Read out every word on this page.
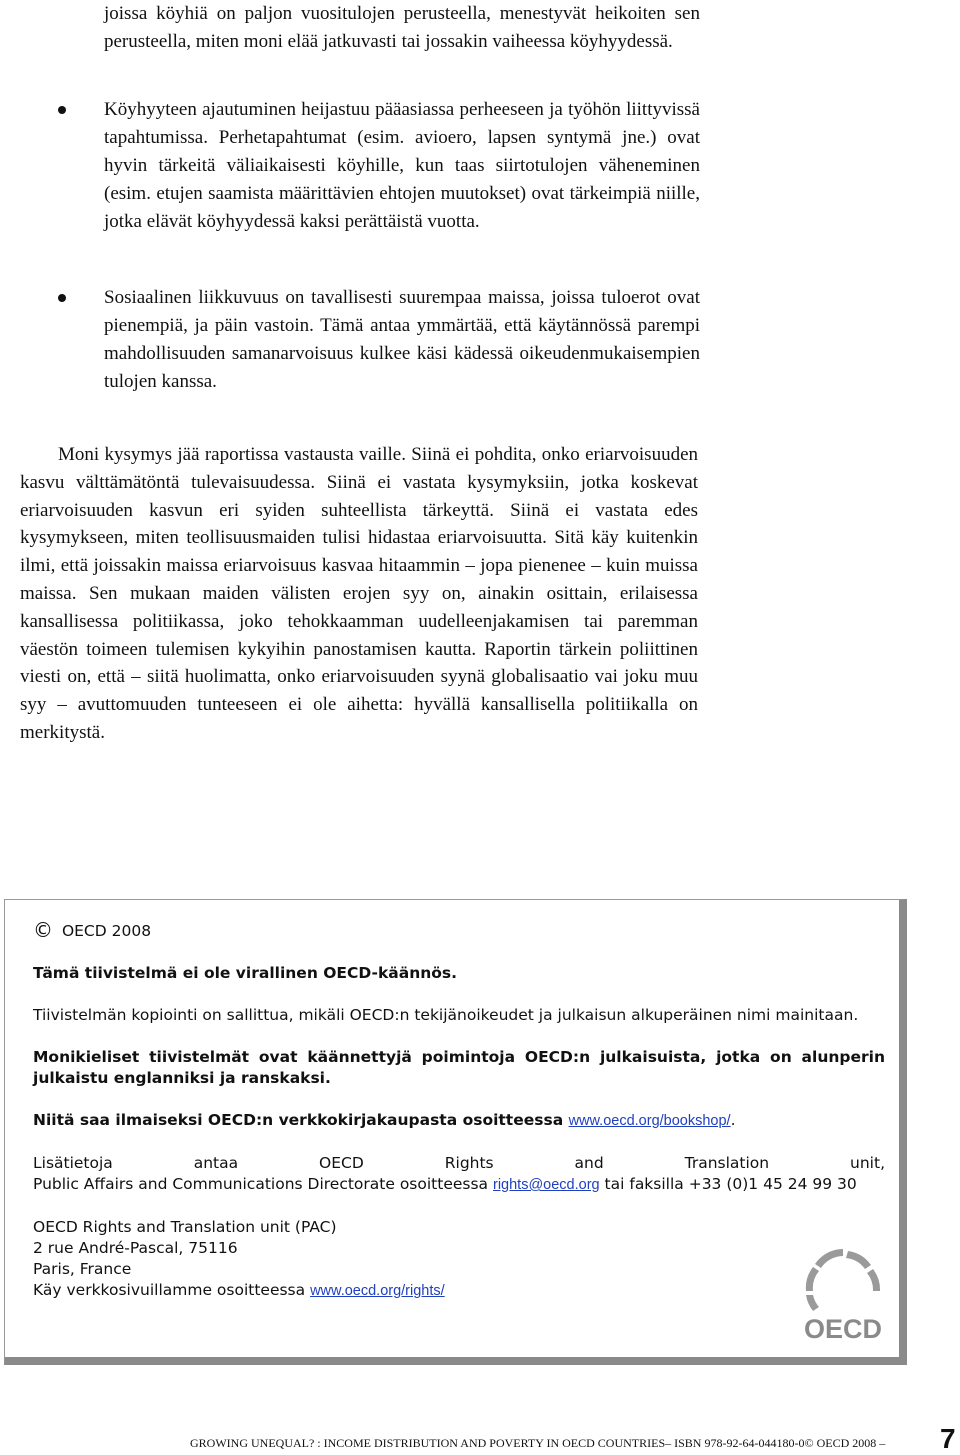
joissa köyhiä on paljon vuositulojen perusteella, menestyvät heikoiten sen perusteella, miten moni elää jatkuvasti tai jossakin vaiheessa köyhyydessä.

Köyhyyteen ajautuminen heijastuu pääasiassa perheeseen ja työhön liittyvissä tapahtumissa. Perhetapahtumat (esim. avioero, lapsen syntymä jne.) ovat hyvin tärkeitä väliaikaisesti köyhille, kun taas siirtotulojen väheneminen (esim. etujen saamista määrittävien ehtojen muutokset) ovat tärkeimpiä niille, jotka elävät köyhyydessä kaksi perättäistä vuotta.

Sosiaalinen liikkuvuus on tavallisesti suurempaa maissa, joissa tuloerot ovat pienempiä, ja päin vastoin. Tämä antaa ymmärtää, että käytännössä parempi mahdollisuuden samanarvoisuus kulkee käsi kädessä oikeudenmukaisempien tulojen kanssa.

Moni kysymys jää raportissa vastausta vaille. Siinä ei pohdita, onko eriarvoisuuden kasvu välttämätöntä tulevaisuudessa. Siinä ei vastata kysymyksiin, jotka koskevat eriarvoisuuden kasvun eri syiden suhteellista tärkeyttä. Siinä ei vastata edes kysymykseen, miten teollisuusmaiden tulisi hidastaa eriarvoisuutta. Sitä käy kuitenkin ilmi, että joissakin maissa eriarvoisuus kasvaa hitaammin – jopa pienenee – kuin muissa maissa. Sen mukaan maiden välisten erojen syy on, ainakin osittain, erilaisessa kansallisessa politiikassa, joko tehokkaamman uudelleenjakamisen tai paremman väestön toimeen tulemisen kykyihin panostamisen kautta. Raportin tärkein poliittinen viesti on, että – siitä huolimatta, onko eriarvoisuuden syynä globalisaatio vai joku muu syy – avuttomuuden tunteeseen ei ole aihetta: hyvällä kansallisella politiikalla on merkitystä.

© OECD 2008

Tämä tiivistelmä ei ole virallinen OECD-käännös.

Tiivistelmän kopiointi on sallittua, mikäli OECD:n tekijänoikeudet ja julkaisun alkuperäinen nimi mainitaan.

Monikieliset tiivistelmät ovat käännettyjä poimintoja OECD:n julkaisuista, jotka on alunperin julkaistu englanniksi ja ranskaksi.

Niitä saa ilmaiseksi OECD:n verkkokirjakaupasta osoitteessa www.oecd.org/bookshop/.

Lisätietoja antaa OECD Rights and Translation unit,

Public Affairs and Communications Directorate osoitteessa rights@oecd.org tai faksilla +33 (0)1 45 24 99 30

OECD Rights and Translation unit (PAC)

2 rue André-Pascal, 75116

Paris, France

Käy verkkosivuillamme osoitteessa www.oecd.org/rights/

OECD
GROWING UNEQUAL? : INCOME DISTRIBUTION AND POVERTY IN OECD COUNTRIES– ISBN 978-92-64-044180-0© OECD 2008 – 7
